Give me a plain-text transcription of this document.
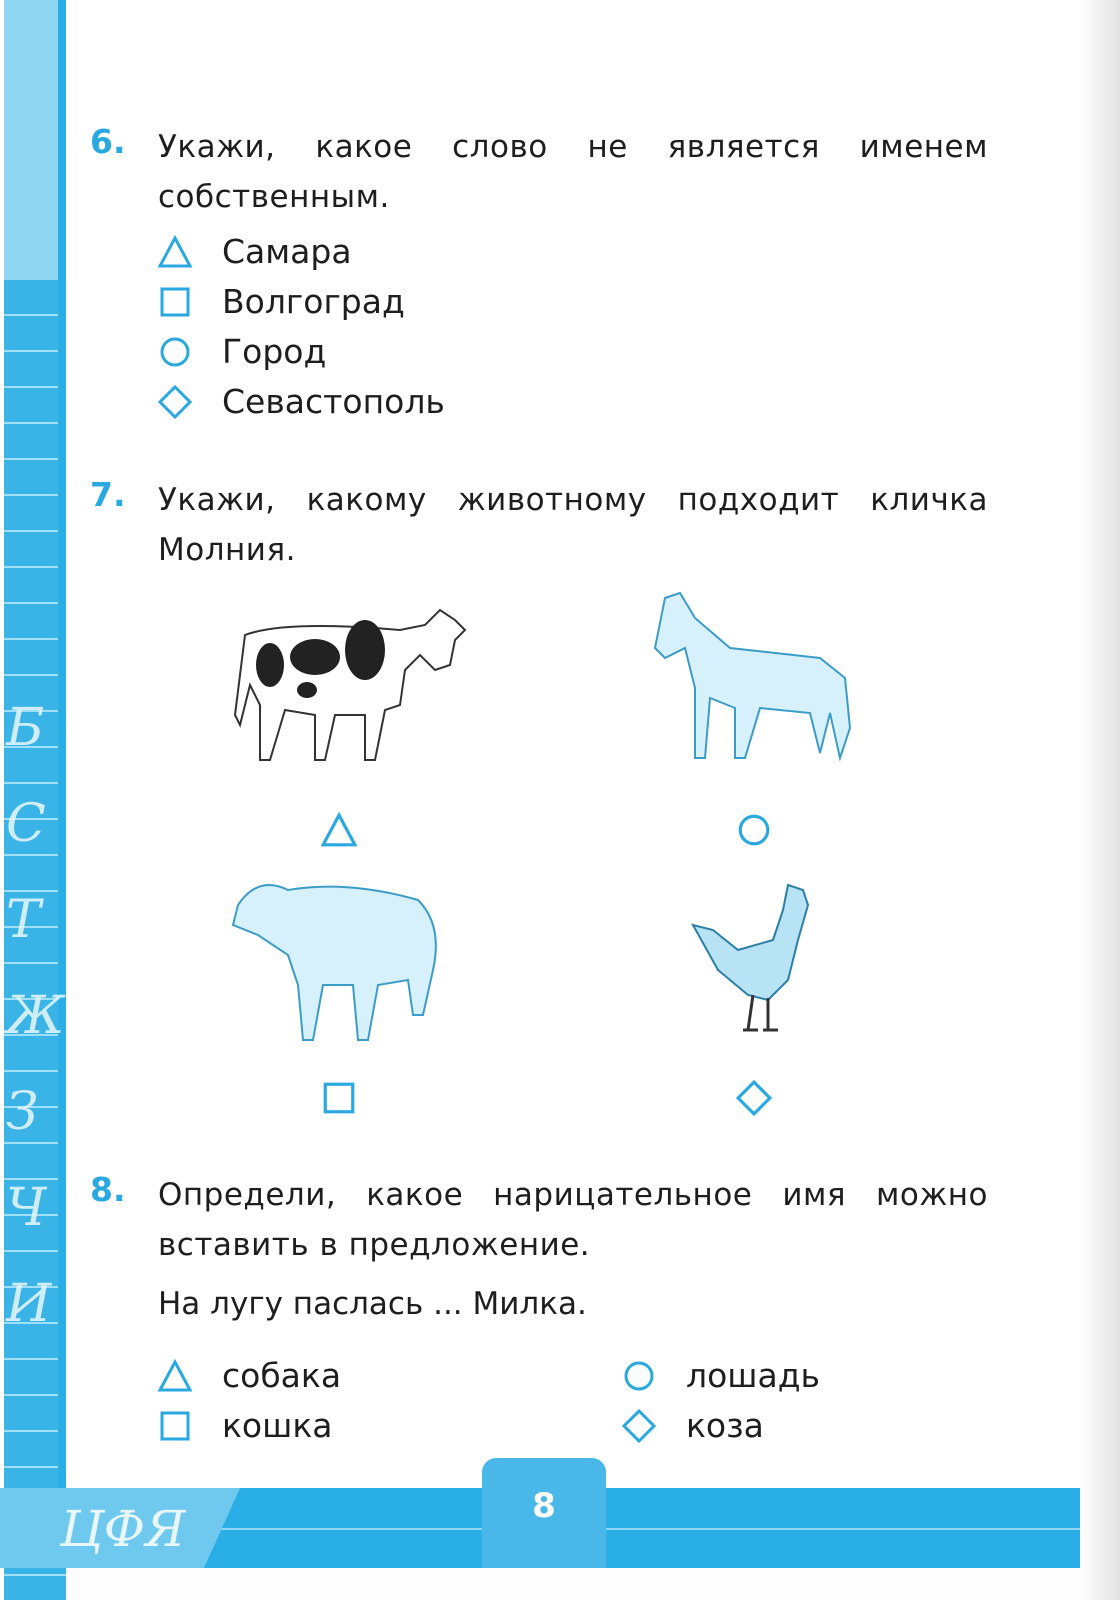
Б
С
Т
Ж
З
Ч
И
ЦФЯ
6. Укажи, какое слово не является именем собственным.
Самара
Волгоград
Город
Севастополь
7. Укажи, какому животному подходит кличка Молния.
8. Определи, какое нарицательное имя можно вставить в предложение.
На лугу паслась ... Милка.
собака
кошка
лошадь
коза
8
